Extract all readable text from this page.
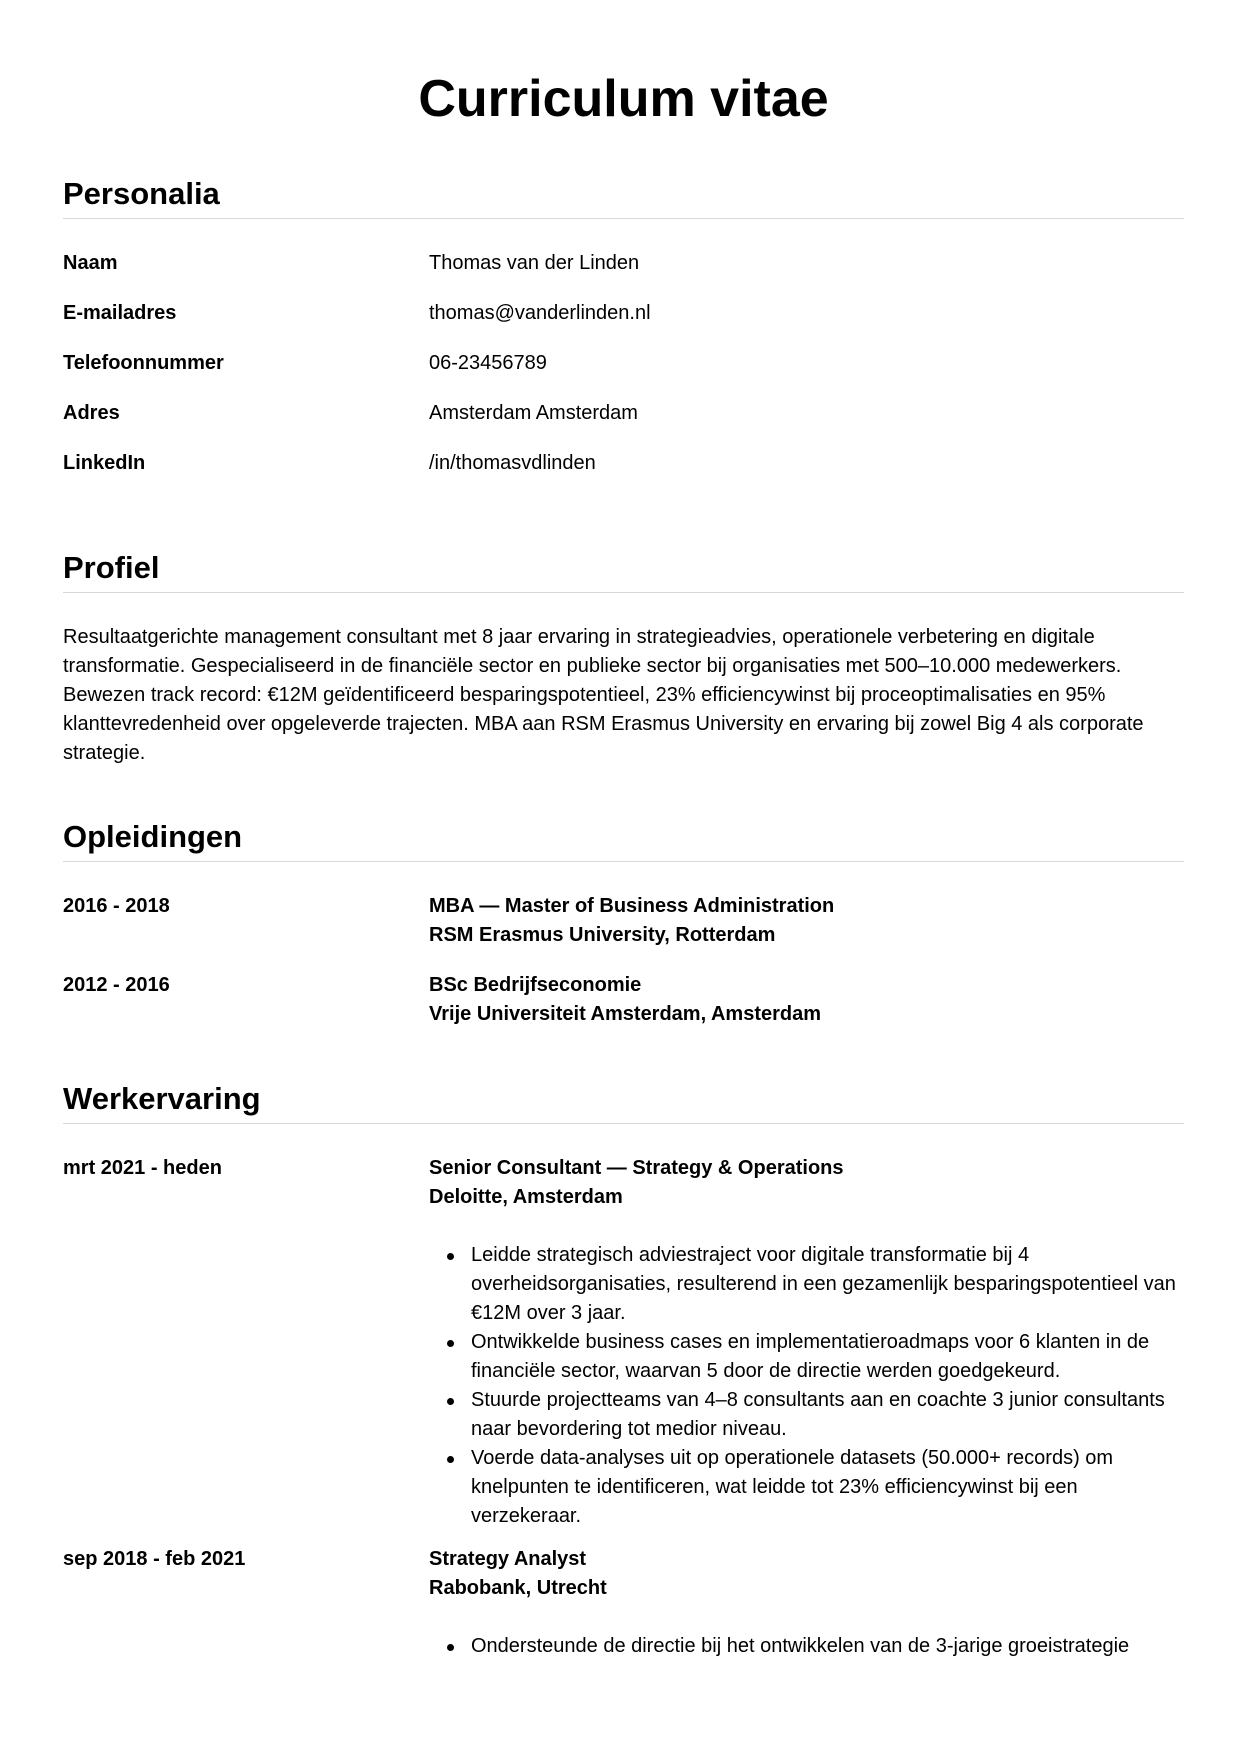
Curriculum vitae
Personalia
Naam	Thomas van der Linden
E-mailadres	thomas@vanderlinden.nl
Telefoonnummer	06-23456789
Adres	Amsterdam Amsterdam
LinkedIn	/in/thomasvdlinden
Profiel

Resultaatgerichte management consultant met 8 jaar ervaring in strategieadvies, operationele verbetering en digitale transformatie. Gespecialiseerd in de financiële sector en publieke sector bij organisaties met 500–10.000 medewerkers. Bewezen track record: €12M geïdentificeerd besparingspotentieel, 23% efficiencywinst bij proceoptimalisaties en 95% klanttevredenheid over opgeleverde trajecten. MBA aan RSM Erasmus University en ervaring bij zowel Big 4 als corporate strategie.

Opleidingen
2016 - 2018	MBA — Master of Business Administration
RSM Erasmus University, Rotterdam
2012 - 2016	BSc Bedrijfseconomie
Vrije Universiteit Amsterdam, Amsterdam
Werkervaring
mrt 2021 - heden	Senior Consultant — Strategy & Operations
Deloitte, Amsterdam
Leidde strategisch adviestraject voor digitale transformatie bij 4 overheidsorganisaties, resulterend in een gezamenlijk besparingspotentieel van €12M over 3 jaar.
Ontwikkelde business cases en implementatieroadmaps voor 6 klanten in de financiële sector, waarvan 5 door de directie werden goedgekeurd.
Stuurde projectteams van 4–8 consultants aan en coachte 3 junior consultants naar bevordering tot medior niveau.
Voerde data-analyses uit op operationele datasets (50.000+ records) om knelpunten te identificeren, wat leidde tot 23% efficiencywinst bij een verzekeraar.
sep 2018 - feb 2021	Strategy Analyst
Rabobank, Utrecht
Ondersteunde de directie bij het ontwikkelen van de 3-jarige groeistrategie
